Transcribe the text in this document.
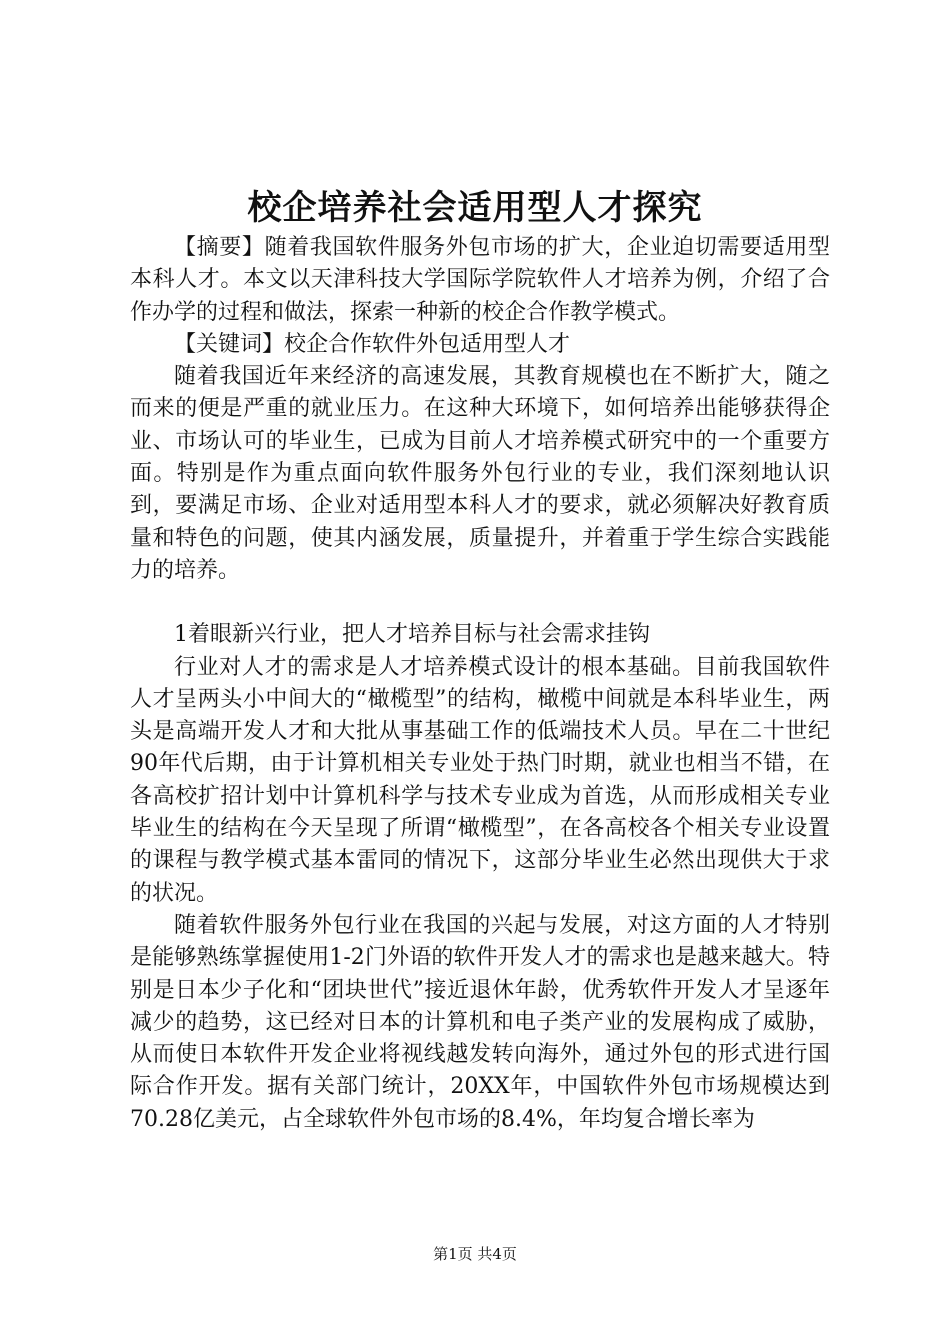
校企培养社会适用型人才探究

【摘要】随着我国软件服务外包市场的扩大，企业迫切需要适用型本科人才。本文以天津科技大学国际学院软件人才培养为例，介绍了合作办学的过程和做法，探索一种新的校企合作教学模式。

【关键词】校企合作软件外包适用型人才

随着我国近年来经济的高速发展，其教育规模也在不断扩大，随之而来的便是严重的就业压力。在这种大环境下，如何培养出能够获得企业、市场认可的毕业生，已成为目前人才培养模式研究中的一个重要方面。特别是作为重点面向软件服务外包行业的专业，我们深刻地认识到，要满足市场、企业对适用型本科人才的要求，就必须解决好教育质量和特色的问题，使其内涵发展，质量提升，并着重于学生综合实践能力的培养。

1着眼新兴行业，把人才培养目标与社会需求挂钩

行业对人才的需求是人才培养模式设计的根本基础。目前我国软件人才呈两头小中间大的“橄榄型”的结构，橄榄中间就是本科毕业生，两头是高端开发人才和大批从事基础工作的低端技术人员。早在二十世纪90年代后期，由于计算机相关专业处于热门时期，就业也相当不错，在各高校扩招计划中计算机科学与技术专业成为首选，从而形成相关专业毕业生的结构在今天呈现了所谓“橄榄型”，在各高校各个相关专业设置的课程与教学模式基本雷同的情况下，这部分毕业生必然出现供大于求的状况。

随着软件服务外包行业在我国的兴起与发展，对这方面的人才特别是能够熟练掌握使用1-2门外语的软件开发人才的需求也是越来越大。特别是日本少子化和“团块世代”接近退休年龄，优秀软件开发人才呈逐年减少的趋势，这已经对日本的计算机和电子类产业的发展构成了威胁，从而使日本软件开发企业将视线越发转向海外，通过外包的形式进行国际合作开发。据有关部门统计，20XX年，中国软件外包市场规模达到70.28亿美元，占全球软件外包市场的8.4%，年均复合增长率为

第1页 共4页
